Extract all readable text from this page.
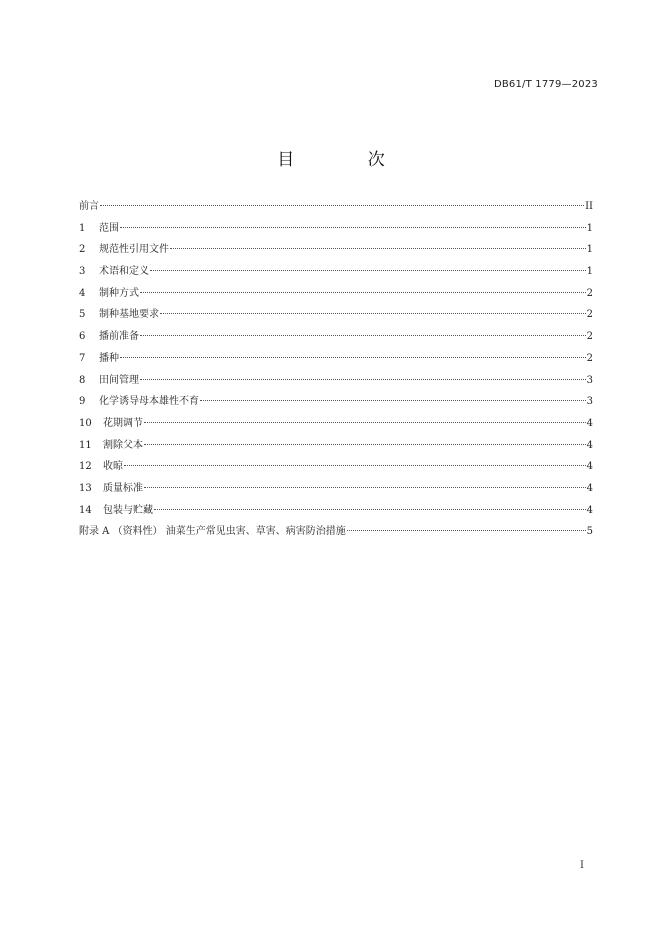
DB61/T 1779—2023
目 次
前言	II
1	范围	1
2	规范性引用文件	1
3	术语和定义	1
4	制种方式	2
5	制种基地要求	2
6	播前准备	2
7	播种	2
8	田间管理	3
9	化学诱导母本雄性不育	3
10	花期调节	4
11	割除父本	4
12	收晾	4
13	质量标准	4
14	包装与贮藏	4
附录 A （资料性） 油菜生产常见虫害、草害、病害防治措施	5
I
